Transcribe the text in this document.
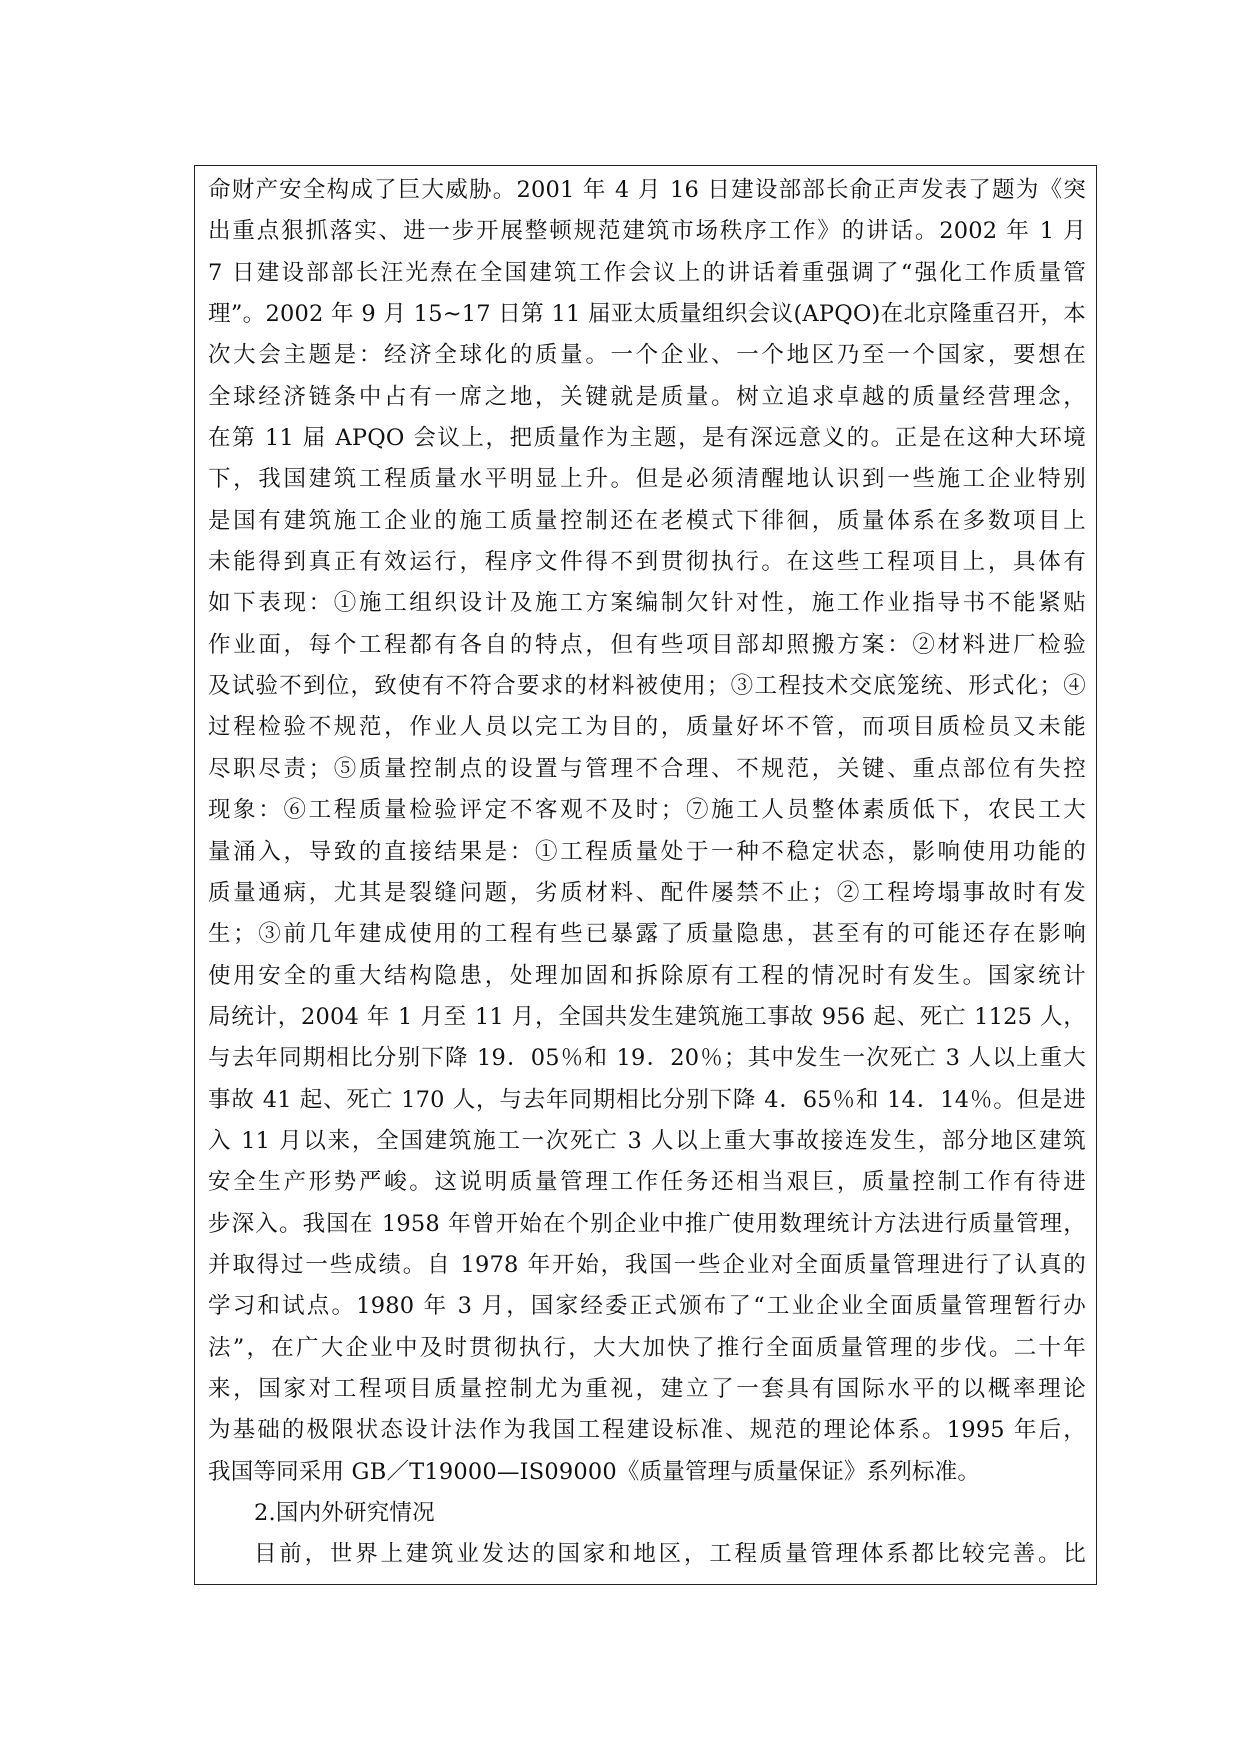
命财产安全构成了巨大威胁。2001 年 4 月 16 日建设部部长俞正声发表了题为《突
出重点狠抓落实、进一步开展整顿规范建筑市场秩序工作》的讲话。2002 年 1 月
7 日建设部部长汪光焘在全国建筑工作会议上的讲话着重强调了“强化工作质量管
理”。2002 年 9 月 15~17 日第 11 届亚太质量组织会议(APQO)在北京隆重召开，本
次大会主题是：经济全球化的质量。一个企业、一个地区乃至一个国家，要想在
全球经济链条中占有一席之地，关键就是质量。树立追求卓越的质量经营理念，
在第 11 届 APQO 会议上，把质量作为主题，是有深远意义的。正是在这种大环境
下，我国建筑工程质量水平明显上升。但是必须清醒地认识到一些施工企业特别
是国有建筑施工企业的施工质量控制还在老模式下徘徊，质量体系在多数项目上
未能得到真正有效运行，程序文件得不到贯彻执行。在这些工程项目上，具体有
如下表现：①施工组织设计及施工方案编制欠针对性，施工作业指导书不能紧贴
作业面，每个工程都有各自的特点，但有些项目部却照搬方案：②材料进厂检验
及试验不到位，致使有不符合要求的材料被使用；③工程技术交底笼统、形式化；④
过程检验不规范，作业人员以完工为目的，质量好坏不管，而项目质检员又未能
尽职尽责；⑤质量控制点的设置与管理不合理、不规范，关键、重点部位有失控
现象：⑥工程质量检验评定不客观不及时；⑦施工人员整体素质低下，农民工大
量涌入，导致的直接结果是：①工程质量处于一种不稳定状态，影响使用功能的
质量通病，尤其是裂缝问题，劣质材料、配件屡禁不止；②工程垮塌事故时有发
生；③前几年建成使用的工程有些已暴露了质量隐患，甚至有的可能还存在影响
使用安全的重大结构隐患，处理加固和拆除原有工程的情况时有发生。国家统计
局统计，2004 年 1 月至 11 月，全国共发生建筑施工事故 956 起、死亡 1125 人，
与去年同期相比分别下降 19．05％和 19．20％；其中发生一次死亡 3 人以上重大
事故 41 起、死亡 170 人，与去年同期相比分别下降 4．65％和 14．14％。但是进
入 11 月以来，全国建筑施工一次死亡 3 人以上重大事故接连发生，部分地区建筑
安全生产形势严峻。这说明质量管理工作任务还相当艰巨，质量控制工作有待进
步深入。我国在 1958 年曾开始在个别企业中推广使用数理统计方法进行质量管理，
并取得过一些成绩。自 1978 年开始，我国一些企业对全面质量管理进行了认真的
学习和试点。1980 年 3 月，国家经委正式颁布了“工业企业全面质量管理暂行办
法”，在广大企业中及时贯彻执行，大大加快了推行全面质量管理的步伐。二十年
来，国家对工程项目质量控制尤为重视，建立了一套具有国际水平的以概率理论
为基础的极限状态设计法作为我国工程建设标准、规范的理论体系。1995 年后，
我国等同采用 GB／T19000—IS09000《质量管理与质量保证》系列标准。
2.国内外研究情况
目前，世界上建筑业发达的国家和地区，工程质量管理体系都比较完善。比
